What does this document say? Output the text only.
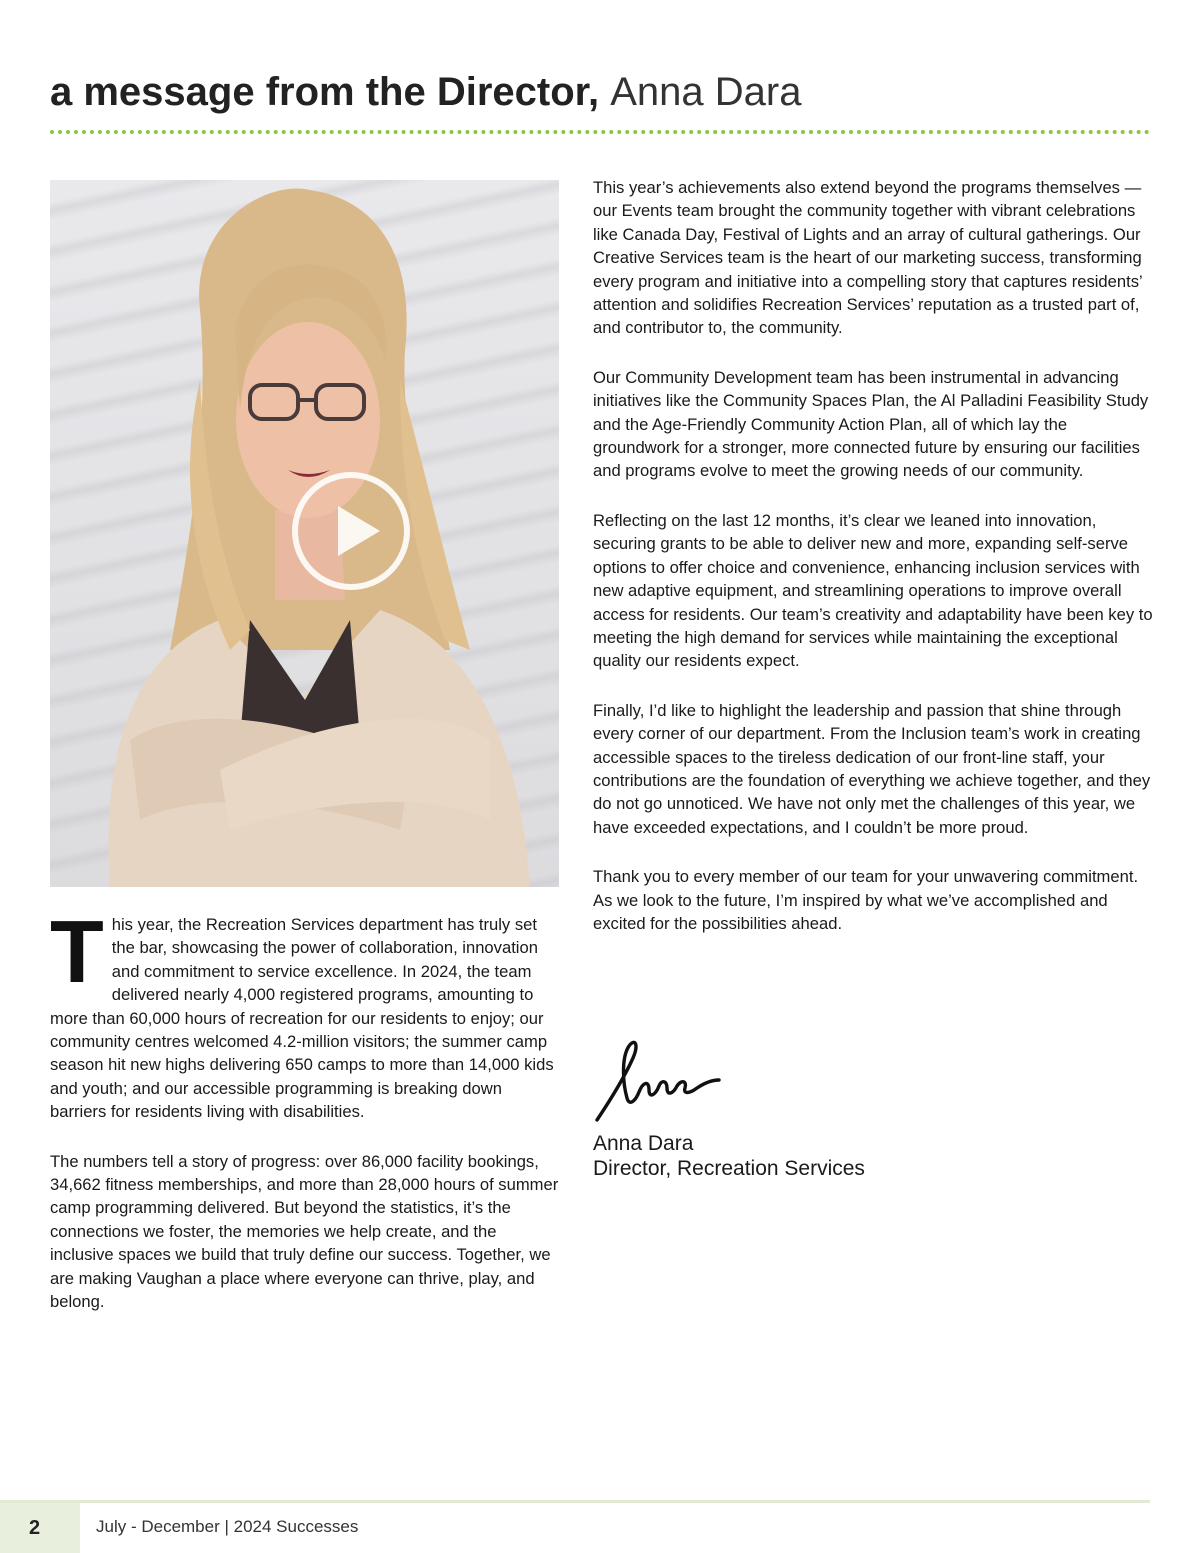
a message from the Director, Anna Dara

This year, the Recreation Services department has truly set the bar, showcasing the power of collaboration, innovation and commitment to service excellence. In 2024, the team delivered nearly 4,000 registered programs, amounting to more than 60,000 hours of recreation for our residents to enjoy; our community centres welcomed 4.2-million visitors; the summer camp season hit new highs delivering 650 camps to more than 14,000 kids and youth; and our accessible programming is breaking down barriers for residents living with disabilities.

The numbers tell a story of progress: over 86,000 facility bookings, 34,662 fitness memberships, and more than 28,000 hours of summer camp programming delivered. But beyond the statistics, it’s the connections we foster, the memories we help create, and the inclusive spaces we build that truly define our success. Together, we are making Vaughan a place where everyone can thrive, play, and belong.

This year’s achievements also extend beyond the programs themselves — our Events team brought the community together with vibrant celebrations like Canada Day, Festival of Lights and an array of cultural gatherings. Our Creative Services team is the heart of our marketing success, transforming every program and initiative into a compelling story that captures residents’ attention and solidifies Recreation Services’ reputation as a trusted part of, and contributor to, the community.

Our Community Development team has been instrumental in advancing initiatives like the Community Spaces Plan, the Al Palladini Feasibility Study and the Age-Friendly Community Action Plan, all of which lay the groundwork for a stronger, more connected future by ensuring our facilities and programs evolve to meet the growing needs of our community.

Reflecting on the last 12 months, it’s clear we leaned into innovation, securing grants to be able to deliver new and more, expanding self-serve options to offer choice and convenience, enhancing inclusion services with new adaptive equipment, and streamlining operations to improve overall access for residents. Our team’s creativity and adaptability have been key to meeting the high demand for services while maintaining the exceptional quality our residents expect.

Finally, I’d like to highlight the leadership and passion that shine through every corner of our department. From the Inclusion team’s work in creating accessible spaces to the tireless dedication of our front-line staff, your contributions are the foundation of everything we achieve together, and they do not go unnoticed. We have not only met the challenges of this year, we have exceeded expectations, and I couldn’t be more proud.

Thank you to every member of our team for your unwavering commitment. As we look to the future, I’m inspired by what we’ve accomplished and excited for the possibilities ahead.

Anna Dara
Director, Recreation Services
2	July - December | 2024 Successes
